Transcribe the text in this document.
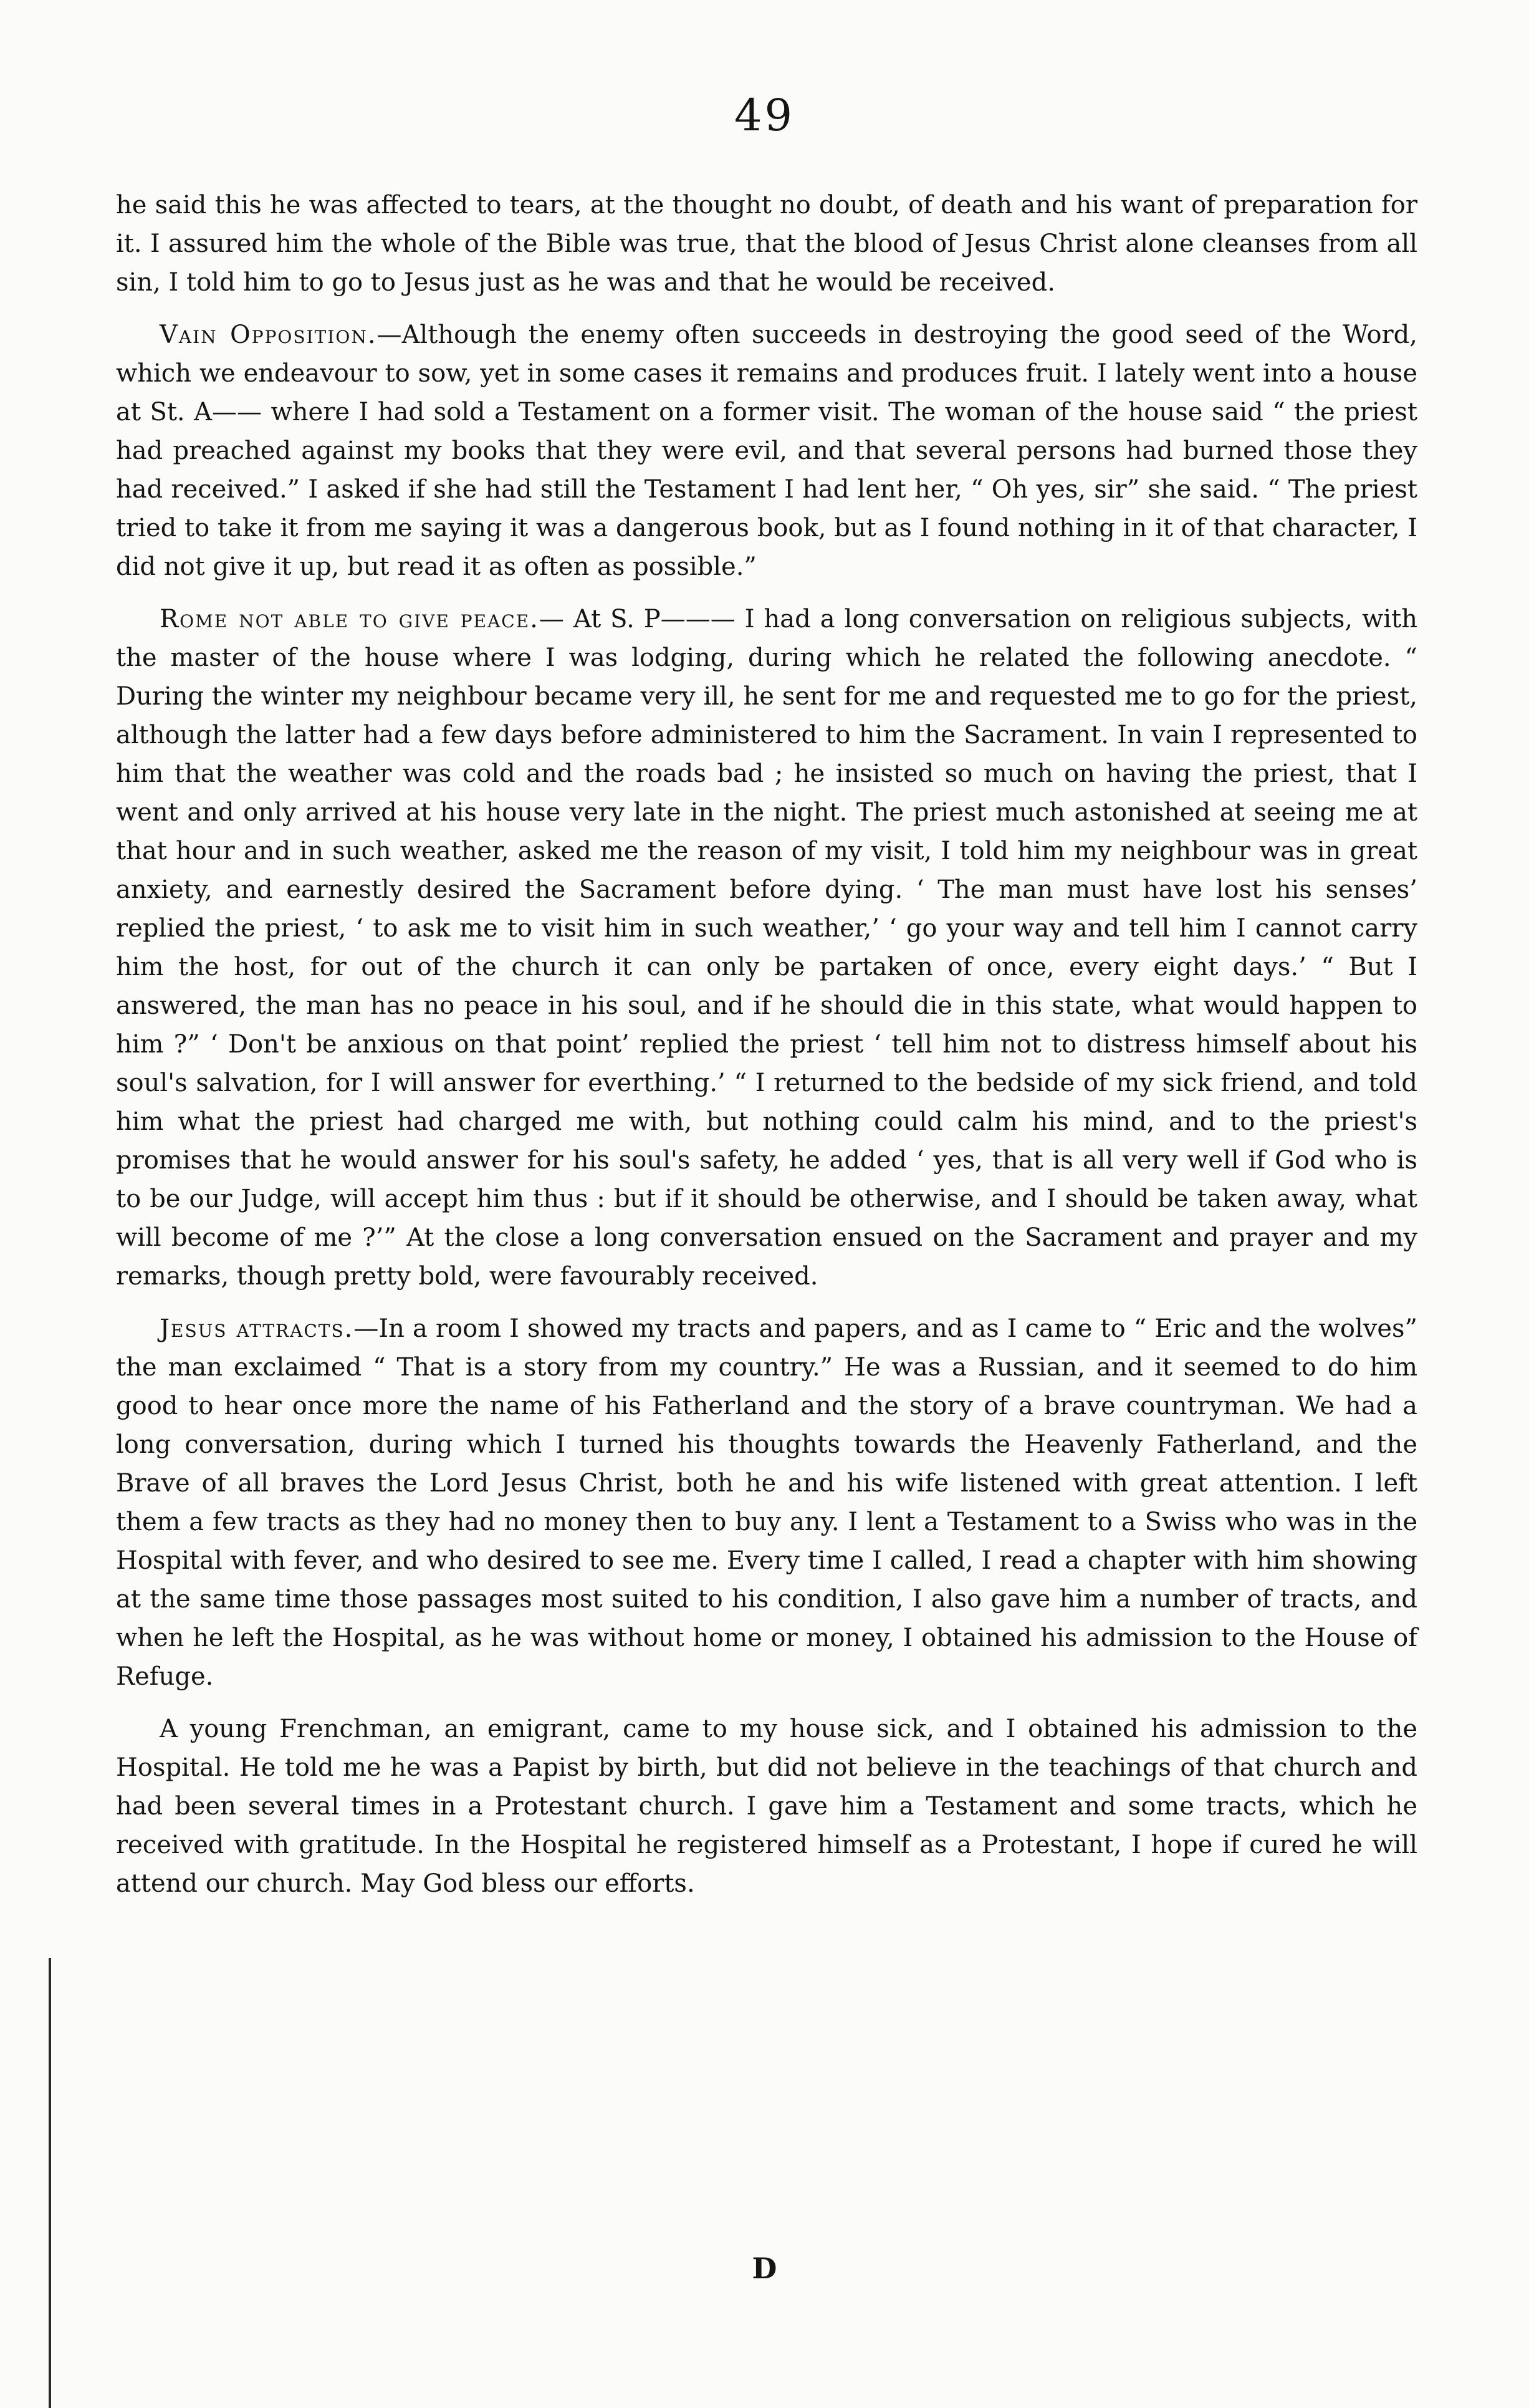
49

he said this he was affected to tears, at the thought no doubt, of death and his want of preparation for it. I assured him the whole of the Bible was true, that the blood of Jesus Christ alone cleanses from all sin, I told him to go to Jesus just as he was and that he would be received.

Vain Opposition.—Although the enemy often succeeds in destroying the good seed of the Word, which we endeavour to sow, yet in some cases it remains and produces fruit. I lately went into a house at St. A—— where I had sold a Testament on a former visit. The woman of the house said “ the priest had preached against my books that they were evil, and that several persons had burned those they had received.” I asked if she had still the Testament I had lent her, “ Oh yes, sir” she said. “ The priest tried to take it from me saying it was a dangerous book, but as I found nothing in it of that character, I did not give it up, but read it as often as possible.”

Rome not able to give peace.— At S. P——— I had a long conversation on religious subjects, with the master of the house where I was lodging, during which he related the following anecdote. “ During the winter my neighbour became very ill, he sent for me and requested me to go for the priest, although the latter had a few days before administered to him the Sacrament. In vain I represented to him that the weather was cold and the roads bad ; he insisted so much on having the priest, that I went and only arrived at his house very late in the night. The priest much astonished at seeing me at that hour and in such weather, asked me the reason of my visit, I told him my neighbour was in great anxiety, and earnestly desired the Sacrament before dying. ‘ The man must have lost his senses’ replied the priest, ‘ to ask me to visit him in such weather,’ ‘ go your way and tell him I cannot carry him the host, for out of the church it can only be partaken of once, every eight days.’ “ But I answered, the man has no peace in his soul, and if he should die in this state, what would happen to him ?” ‘ Don't be anxious on that point’ replied the priest ‘ tell him not to distress himself about his soul's salvation, for I will answer for everthing.’ “ I returned to the bedside of my sick friend, and told him what the priest had charged me with, but nothing could calm his mind, and to the priest's promises that he would answer for his soul's safety, he added ‘ yes, that is all very well if God who is to be our Judge, will accept him thus : but if it should be otherwise, and I should be taken away, what will become of me ?’” At the close a long conversation ensued on the Sacrament and prayer and my remarks, though pretty bold, were favourably received.

Jesus attracts.—In a room I showed my tracts and papers, and as I came to “ Eric and the wolves” the man exclaimed “ That is a story from my country.” He was a Russian, and it seemed to do him good to hear once more the name of his Fatherland and the story of a brave countryman. We had a long conversation, during which I turned his thoughts towards the Heavenly Fatherland, and the Brave of all braves the Lord Jesus Christ, both he and his wife listened with great attention. I left them a few tracts as they had no money then to buy any. I lent a Testament to a Swiss who was in the Hospital with fever, and who desired to see me. Every time I called, I read a chapter with him showing at the same time those passages most suited to his condition, I also gave him a number of tracts, and when he left the Hospital, as he was without home or money, I obtained his admission to the House of Refuge.

A young Frenchman, an emigrant, came to my house sick, and I obtained his admission to the Hospital. He told me he was a Papist by birth, but did not believe in the teachings of that church and had been several times in a Protestant church. I gave him a Testament and some tracts, which he received with gratitude. In the Hospital he registered himself as a Protestant, I hope if cured he will attend our church. May God bless our efforts.

D
